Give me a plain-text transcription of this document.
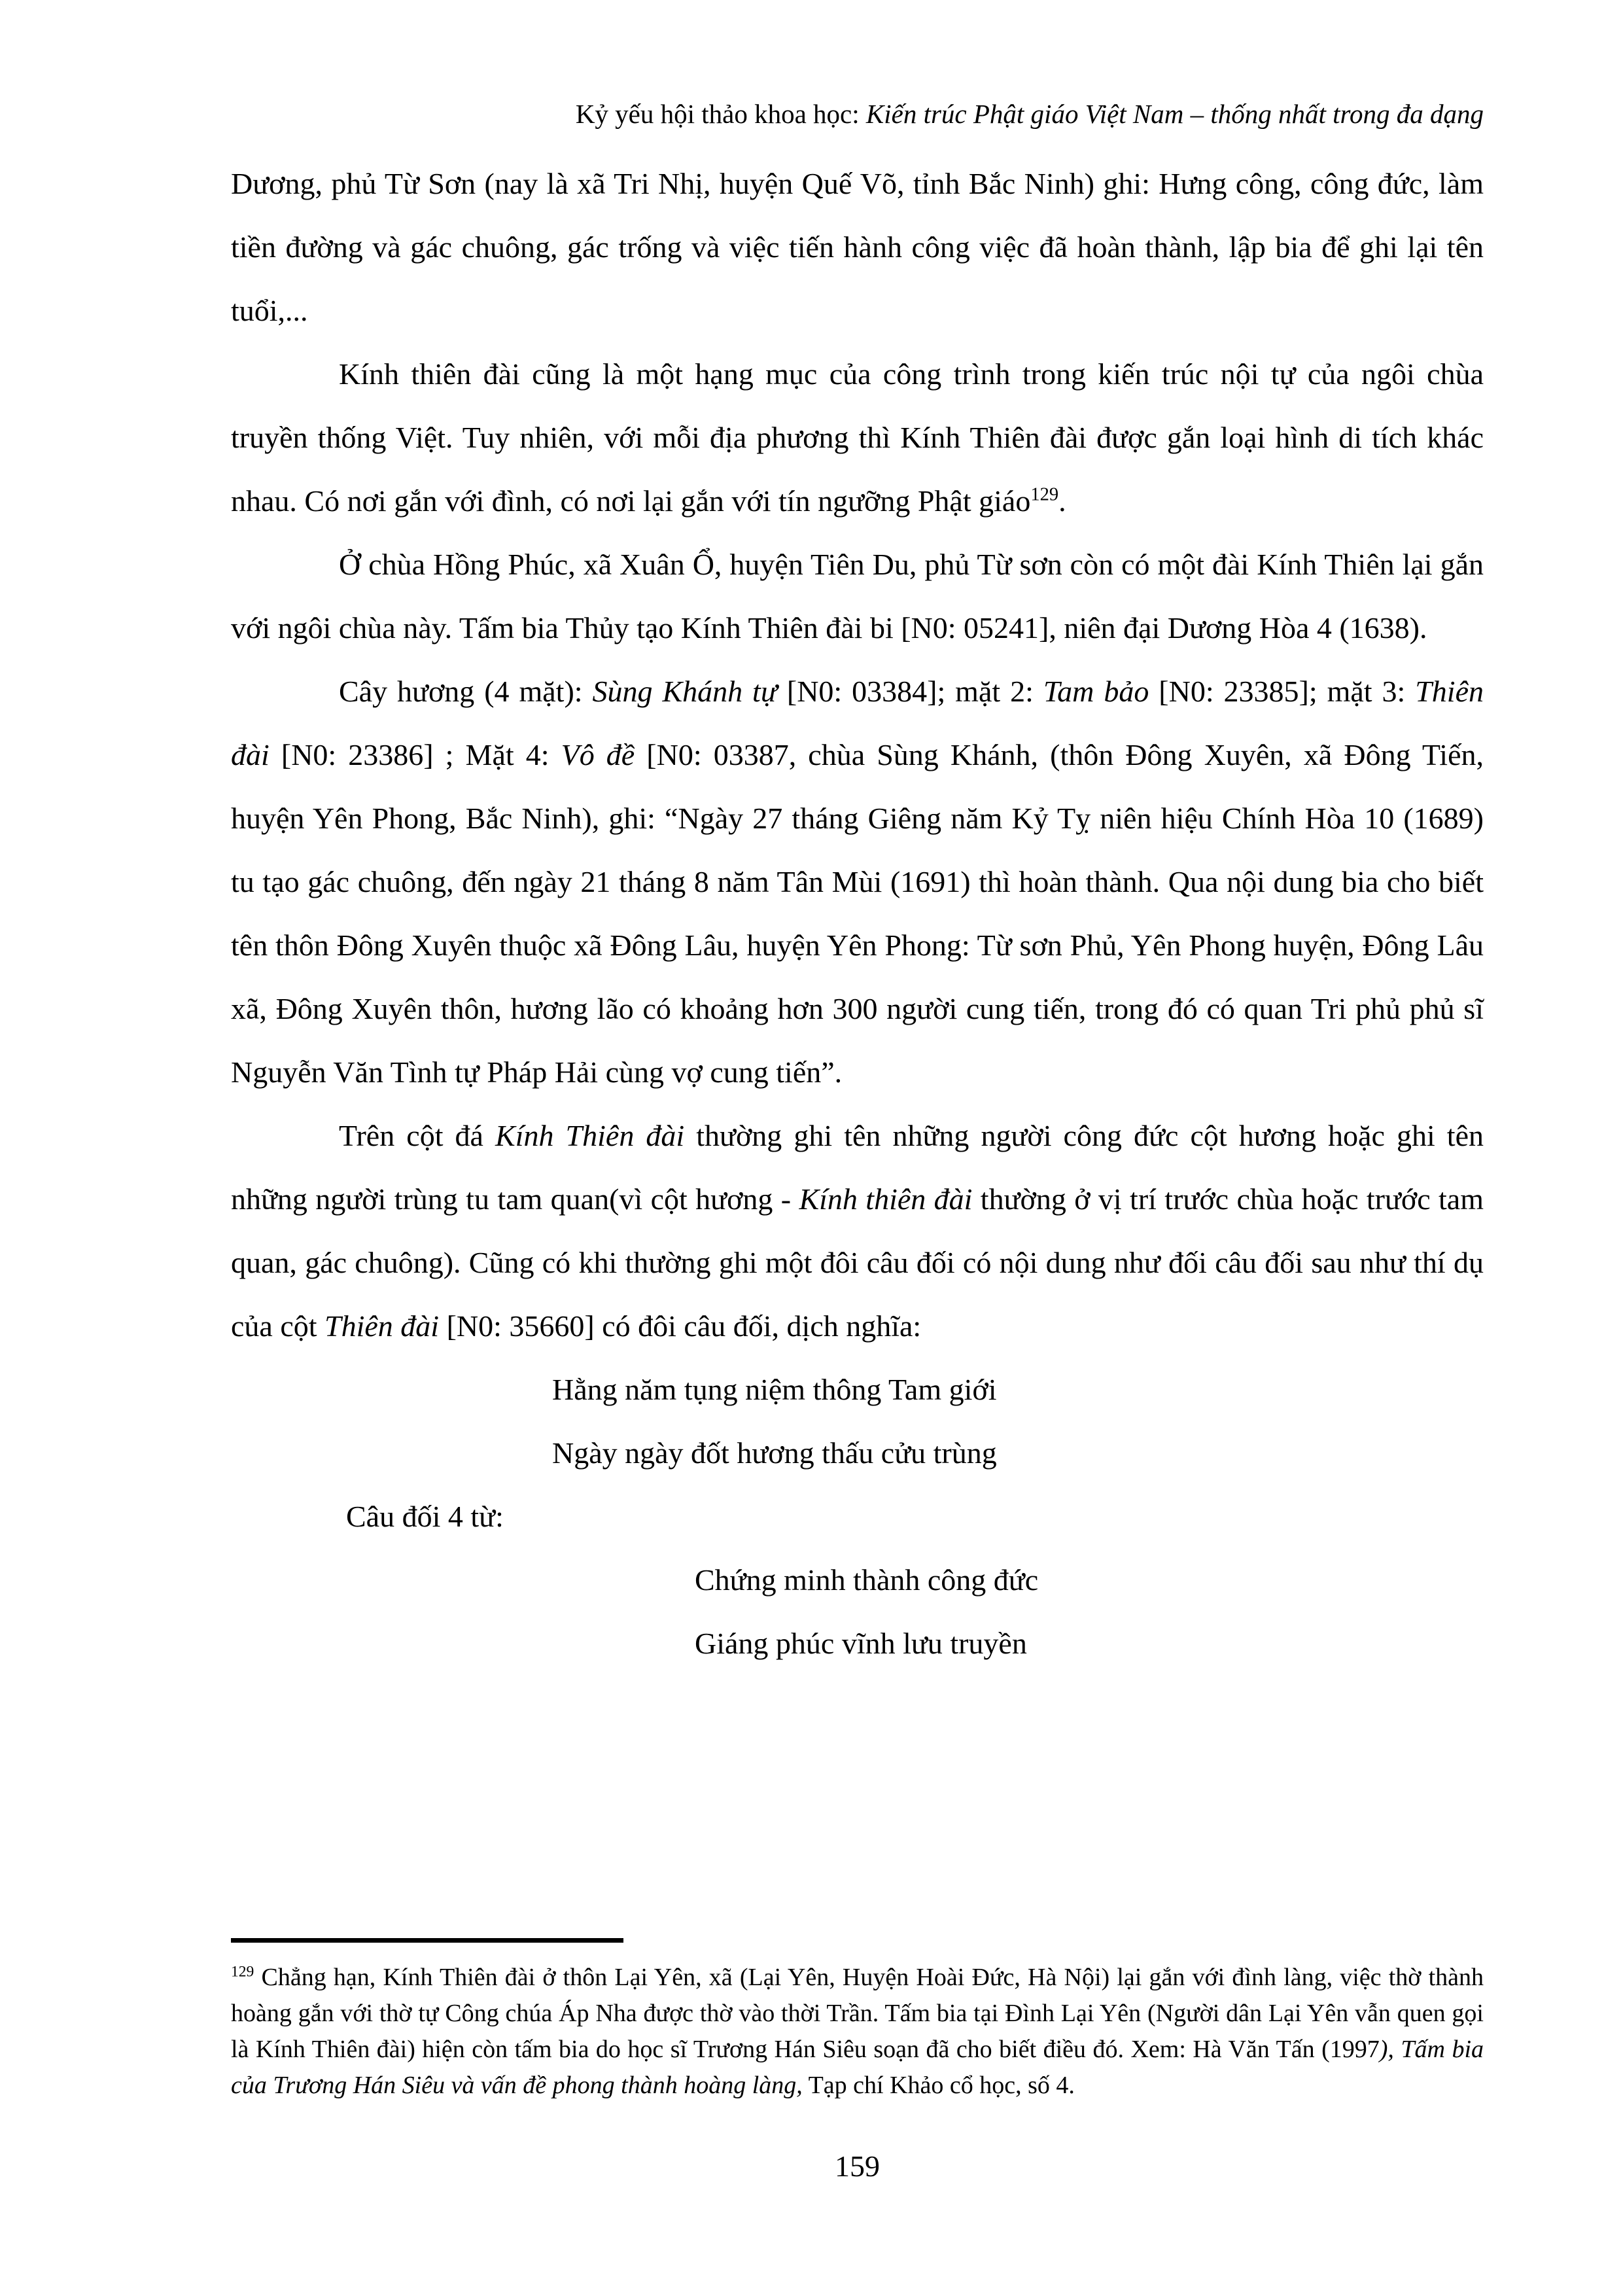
Kỷ yếu hội thảo khoa học: Kiến trúc Phật giáo Việt Nam – thống nhất trong đa dạng

Dương, phủ Từ Sơn (nay là xã Tri Nhị, huyện Quế Võ, tỉnh Bắc Ninh) ghi: Hưng công, công đức, làm tiền đường và gác chuông, gác trống và việc tiến hành công việc đã hoàn thành, lập bia để ghi lại tên tuổi,...

Kính thiên đài cũng là một hạng mục của công trình trong kiến trúc nội tự của ngôi chùa truyền thống Việt. Tuy nhiên, với mỗi địa phương thì Kính Thiên đài được gắn loại hình di tích khác nhau. Có nơi gắn với đình, có nơi lại gắn với tín ngưỡng Phật giáo$^{129}$.

Ở chùa Hồng Phúc, xã Xuân Ổ, huyện Tiên Du, phủ Từ sơn còn có một đài Kính Thiên lại gắn với ngôi chùa này. Tấm bia Thủy tạo Kính Thiên đài bi [N0: 05241], niên đại Dương Hòa 4 (1638).

Cây hương (4 mặt): Sùng Khánh tự [N0: 03384]; mặt 2: Tam bảo [N0: 23385]; mặt 3: Thiên đài [N0: 23386] ; Mặt 4: Vô đề [N0: 03387, chùa Sùng Khánh, (thôn Đông Xuyên, xã Đông Tiến, huyện Yên Phong, Bắc Ninh), ghi: “Ngày 27 tháng Giêng năm Kỷ Tỵ niên hiệu Chính Hòa 10 (1689) tu tạo gác chuông, đến ngày 21 tháng 8 năm Tân Mùi (1691) thì hoàn thành. Qua nội dung bia cho biết tên thôn Đông Xuyên thuộc xã Đông Lâu, huyện Yên Phong: Từ sơn Phủ, Yên Phong huyện, Đông Lâu xã, Đông Xuyên thôn, hương lão có khoảng hơn 300 người cung tiến, trong đó có quan Tri phủ phủ sĩ Nguyễn Văn Tình tự Pháp Hải cùng vợ cung tiến”.

Trên cột đá Kính Thiên đài thường ghi tên những người công đức cột hương hoặc ghi tên những người trùng tu tam quan(vì cột hương - Kính thiên đài thường ở vị trí trước chùa hoặc trước tam quan, gác chuông). Cũng có khi thường ghi một đôi câu đối có nội dung như đối câu đối sau như thí dụ của cột Thiên đài [N0: 35660] có đôi câu đối, dịch nghĩa:

Hằng năm tụng niệm thông Tam giới
Ngày ngày đốt hương thấu cửu trùng
Câu đối 4 từ:
Chứng minh thành công đức
Giáng phúc vĩnh lưu truyền
$^{129}$ Chẳng hạn, Kính Thiên đài ở thôn Lại Yên, xã (Lại Yên, Huyện Hoài Đức, Hà Nội) lại gắn với đình làng, việc thờ thành hoàng gắn với thờ tự Công chúa Áp Nha được thờ vào thời Trần. Tấm bia tại Đình Lại Yên (Người dân Lại Yên vẫn quen gọi là Kính Thiên đài) hiện còn tấm bia do học sĩ Trương Hán Siêu soạn đã cho biết điều đó. Xem: Hà Văn Tấn (1997), Tấm bia của Trương Hán Siêu và vấn đề phong thành hoàng làng, Tạp chí Khảo cổ học, số 4.
159
